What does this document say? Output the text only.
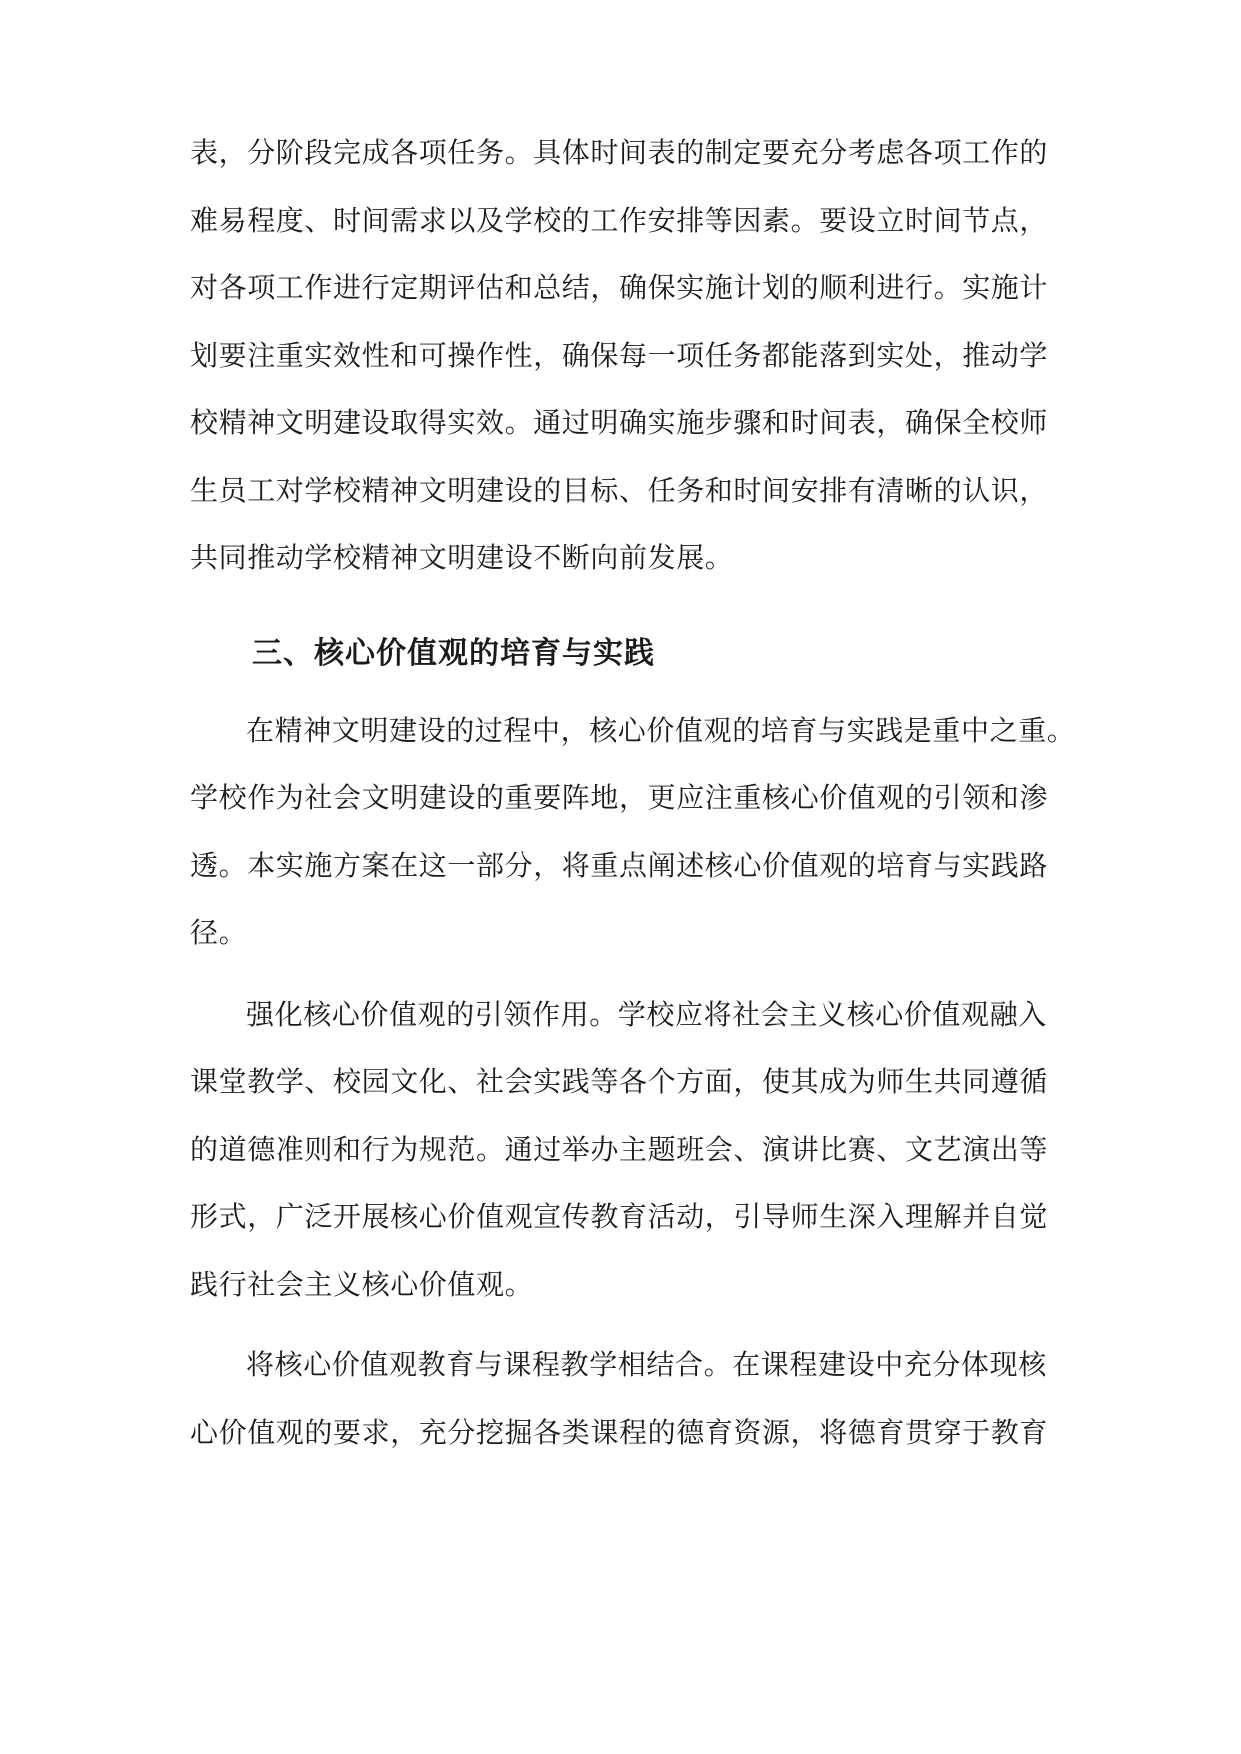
表，分阶段完成各项任务。具体时间表的制定要充分考虑各项工作的
难易程度、时间需求以及学校的工作安排等因素。要设立时间节点，
对各项工作进行定期评估和总结，确保实施计划的顺利进行。实施计
划要注重实效性和可操作性，确保每一项任务都能落到实处，推动学
校精神文明建设取得实效。通过明确实施步骤和时间表，确保全校师
生员工对学校精神文明建设的目标、任务和时间安排有清晰的认识，
共同推动学校精神文明建设不断向前发展。
三、核心价值观的培育与实践
在精神文明建设的过程中，核心价值观的培育与实践是重中之重。
学校作为社会文明建设的重要阵地，更应注重核心价值观的引领和渗
透。本实施方案在这一部分，将重点阐述核心价值观的培育与实践路
径。
强化核心价值观的引领作用。学校应将社会主义核心价值观融入
课堂教学、校园文化、社会实践等各个方面，使其成为师生共同遵循
的道德准则和行为规范。通过举办主题班会、演讲比赛、文艺演出等
形式，广泛开展核心价值观宣传教育活动，引导师生深入理解并自觉
践行社会主义核心价值观。
将核心价值观教育与课程教学相结合。在课程建设中充分体现核
心价值观的要求，充分挖掘各类课程的德育资源，将德育贯穿于教育
